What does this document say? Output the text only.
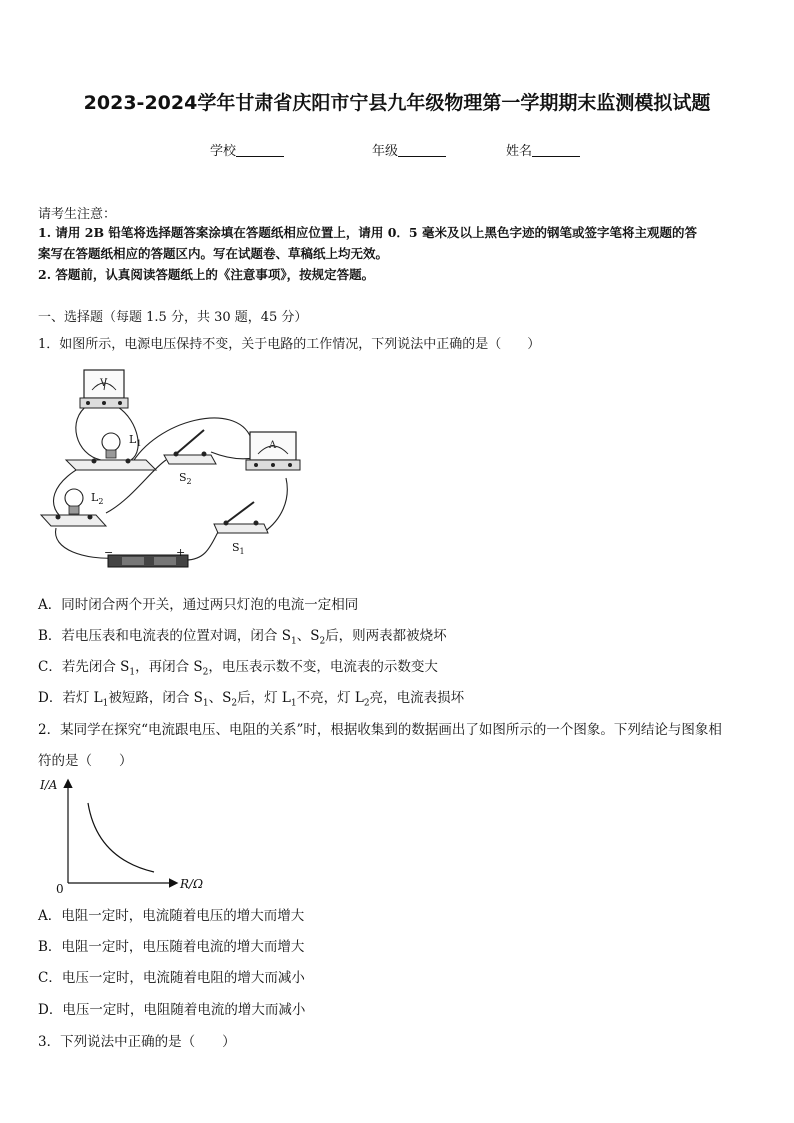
2023-2024学年甘肃省庆阳市宁县九年级物理第一学期期末监测模拟试题
学校	年级	姓名
请考生注意：
1. 请用 2B 铅笔将选择题答案涂填在答题纸相应位置上，请用 0．5 毫米及以上黑色字迹的钢笔或签字笔将主观题的答
案写在答题纸相应的答题区内。写在试题卷、草稿纸上均无效。
2. 答题前，认真阅读答题纸上的《注意事项》，按规定答题。
一、选择题（每题 1.5 分，共 30 题，45 分）
1．如图所示，电源电压保持不变，关于电路的工作情况，下列说法中正确的是（　　）
V
$L_1$
$S_2$
A
$L_2$
$S_1$
−	+
A．同时闭合两个开关，通过两只灯泡的电流一定相同
B．若电压表和电流表的位置对调，闭合 $S_1$、$S_2$后，则两表都被烧坏
C．若先闭合 $S_1$，再闭合 $S_2$，电压表示数不变，电流表的示数变大
D．若灯 $L_1$被短路，闭合 $S_1$、$S_2$后，灯 $L_1$不亮，灯 $L_2$亮，电流表损坏
2．某同学在探究“电流跟电压、电阻的关系”时，根据收集到的数据画出了如图所示的一个图象。下列结论与图象相
符的是（　　）
I/A
R/Ω
0
A．电阻一定时，电流随着电压的增大而增大
B．电阻一定时，电压随着电流的增大而增大
C．电压一定时，电流随着电阻的增大而减小
D．电压一定时，电阻随着电流的增大而减小
3．下列说法中正确的是（　　）
